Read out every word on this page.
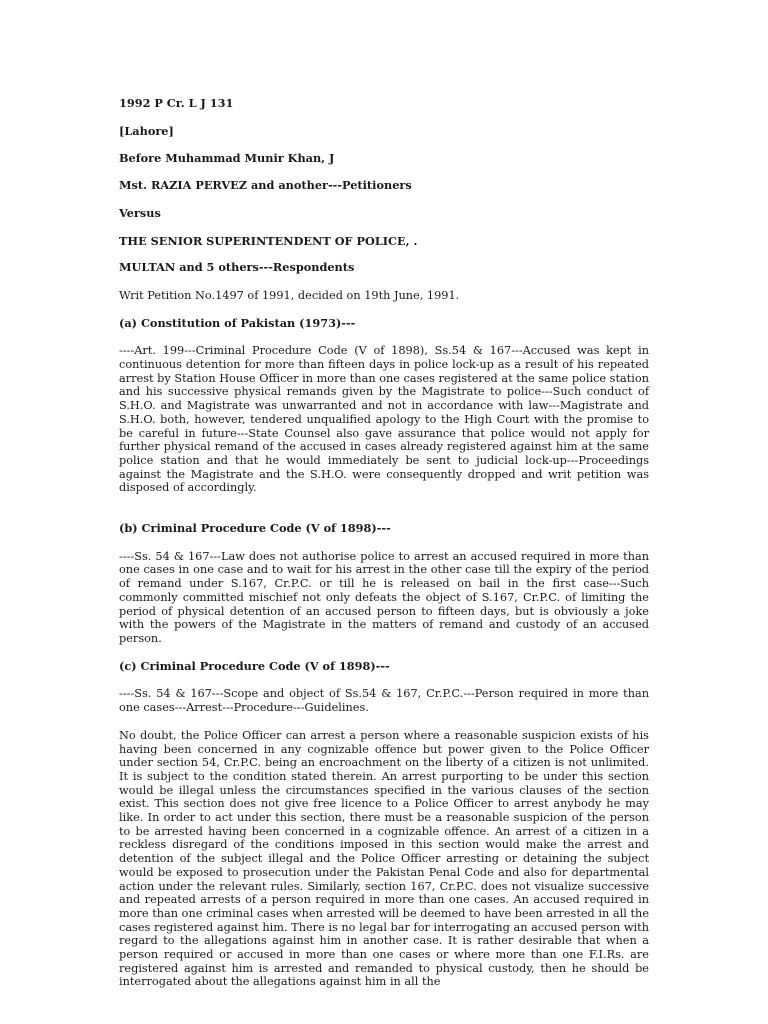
1992 P Cr. L J 131

[Lahore]

Before Muhammad Munir Khan, J

Mst. RAZIA PERVEZ and another---Petitioners

Versus

THE SENIOR SUPERINTENDENT OF POLICE, .

MULTAN and 5 others---Respondents

Writ Petition No.1497 of 1991, decided on 19th June, 1991.

(a) Constitution of Pakistan (1973)---

----Art. 199---Criminal Procedure Code (V of 1898), Ss.54 & 167---Accused was kept in continuous detention for more than fifteen days in police lock-up as a result of his repeated arrest by Station House Officer in more than one cases registered at the same police station and his successive physical remands given by the Magistrate to police---Such conduct of S.H.O. and Magistrate was unwarranted and not in accordance with law---Magistrate and S.H.O. both, however, tendered unqualified apology to the High Court with the promise to be careful in future---State Counsel also gave assurance that police would not apply for further physical remand of the accused in cases already registered against him at the same police station and that he would immediately be sent to judicial lock-up---Proceedings against the Magistrate and the S.H.O. were consequently dropped and writ petition was disposed of accordingly.

(b) Criminal Procedure Code (V of 1898)---

----Ss. 54 & 167---Law does not authorise police to arrest an accused required in more than one cases in one case and to wait for his arrest in the other case till the expiry of the period of remand under S.167, Cr.P.C. or till he is released on bail in the first case---Such commonly committed mischief not only defeats the object of S.167, Cr.P.C. of limiting the period of physical detention of an accused person to fifteen days, but is obviously a joke with the powers of the Magistrate in the matters of remand and custody of an accused person.

(c) Criminal Procedure Code (V of 1898)---

----Ss. 54 & 167---Scope and object of Ss.54 & 167, Cr.P.C.---Person required in more than one cases---Arrest---Procedure---Guidelines.

No doubt, the Police Officer can arrest a person where a reasonable suspicion exists of his having been concerned in any cognizable offence but power given to the Police Officer under section 54, Cr.P.C. being an encroachment on the liberty of a citizen is not unlimited. It is subject to the condition stated therein. An arrest purporting to be under this section would be illegal unless the circumstances specified in the various clauses of the section exist. This section does not give free licence to a Police Officer to arrest anybody he may like. In order to act under this section, there must be a reasonable suspicion of the person to be arrested having been concerned in a cognizable offence. An arrest of a citizen in a reckless disregard of the conditions imposed in this section would make the arrest and detention of the subject illegal and the Police Officer arresting or detaining the subject would be exposed to prosecution under the Pakistan Penal Code and also for departmental action under the relevant rules. Similarly, section 167, Cr.P.C. does not visualize successive and repeated arrests of a person required in more than one cases. An accused required in more than one criminal cases when arrested will be deemed to have been arrested in all the cases registered against him. There is no legal bar for interrogating an accused person with regard to the allegations against him in another case. It is rather desirable that when a person required or accused in more than one cases or where more than one F.I.Rs. are registered against him is arrested and remanded to physical custody, then he should be interrogated about the allegations against him in all the
